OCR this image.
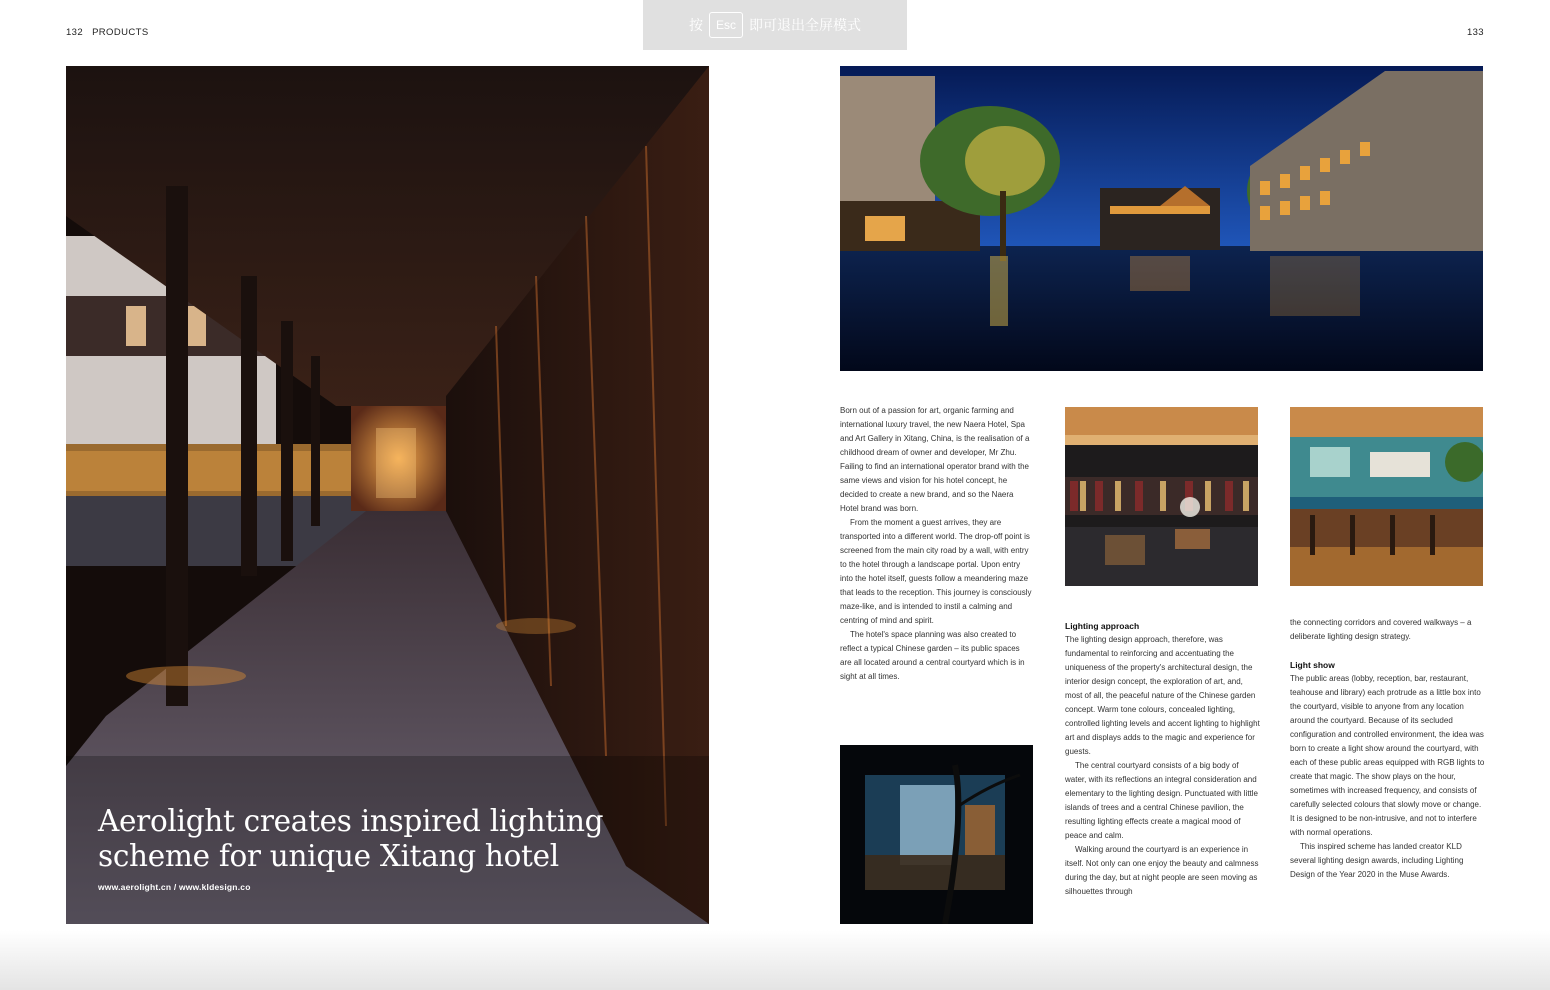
132 PRODUCTS	133
Aerolight creates inspired lighting
scheme for unique Xitang hotel
www.aerolight.cn / www.kldesign.co

Born out of a passion for art, organic farming and international luxury travel, the new Naera Hotel, Spa and Art Gallery in Xitang, China, is the realisation of a childhood dream of owner and developer, Mr Zhu. Failing to find an international operator brand with the same views and vision for his hotel concept, he decided to create a new brand, and so the Naera Hotel brand was born.

From the moment a guest arrives, they are transported into a different world. The drop-off point is screened from the main city road by a wall, with entry to the hotel through a landscape portal. Upon entry into the hotel itself, guests follow a meandering maze that leads to the reception. This journey is consciously maze-like, and is intended to instil a calming and centring of mind and spirit.

The hotel's space planning was also created to reflect a typical Chinese garden – its public spaces are all located around a central courtyard which is in sight at all times.

Lighting approach

The lighting design approach, therefore, was fundamental to reinforcing and accentuating the uniqueness of the property's architectural design, the interior design concept, the exploration of art, and, most of all, the peaceful nature of the Chinese garden concept. Warm tone colours, concealed lighting, controlled lighting levels and accent lighting to highlight art and displays adds to the magic and experience for guests.

The central courtyard consists of a big body of water, with its reflections an integral consideration and elementary to the lighting design. Punctuated with little islands of trees and a central Chinese pavilion, the resulting lighting effects create a magical mood of peace and calm.

Walking around the courtyard is an experience in itself. Not only can one enjoy the beauty and calmness during the day, but at night people are seen moving as silhouettes through

the connecting corridors and covered walkways – a deliberate lighting design strategy.

Light show

The public areas (lobby, reception, bar, restaurant, teahouse and library) each protrude as a little box into the courtyard, visible to anyone from any location around the courtyard. Because of its secluded configuration and controlled environment, the idea was born to create a light show around the courtyard, with each of these public areas equipped with RGB lights to create that magic. The show plays on the hour, sometimes with increased frequency, and consists of carefully selected colours that slowly move or change. It is designed to be non-intrusive, and not to interfere with normal operations.

This inspired scheme has landed creator KLD several lighting design awards, including Lighting Design of the Year 2020 in the Muse Awards.

按	Esc 即可退出全屏模式
